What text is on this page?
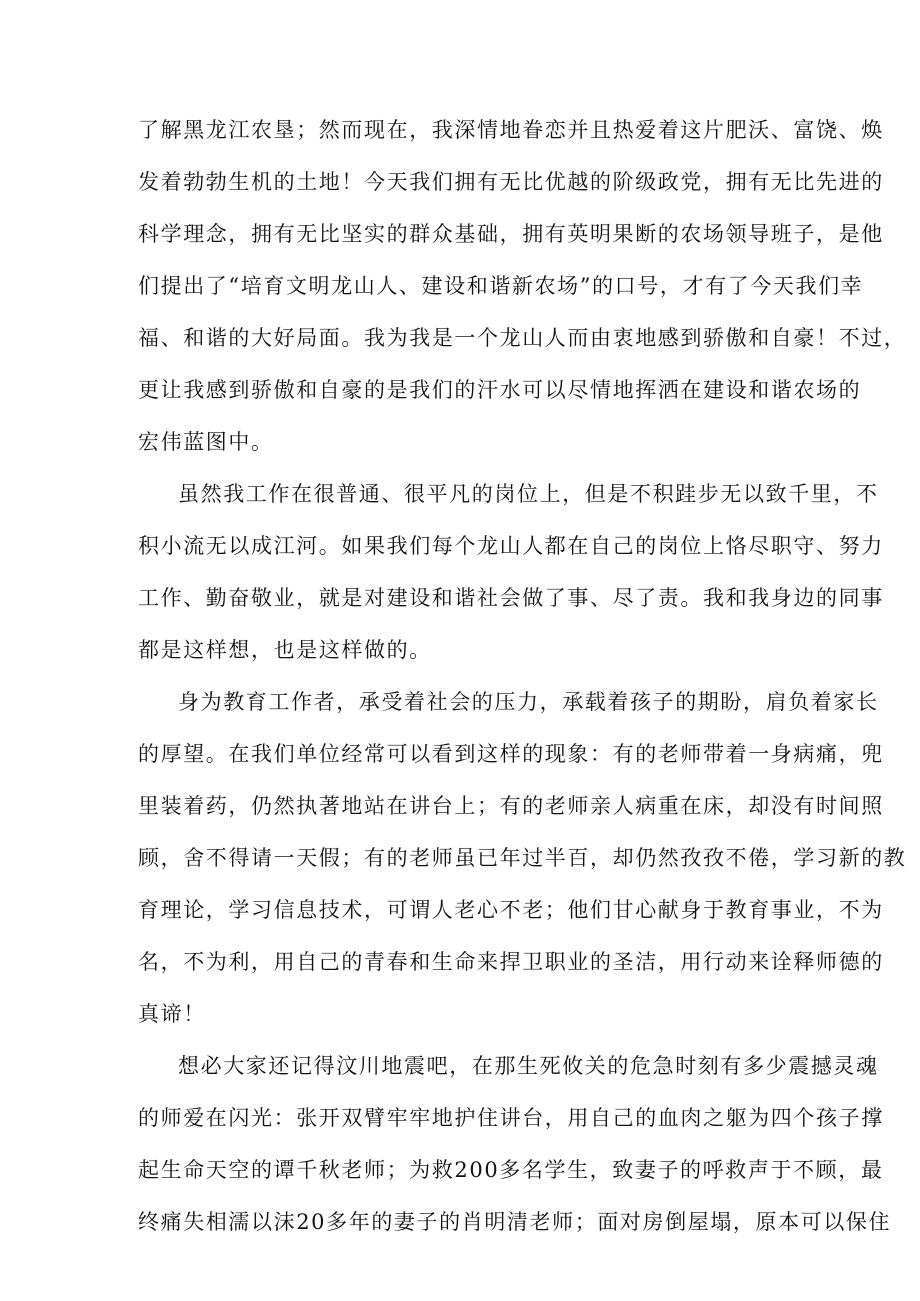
了解黑龙江农垦；然而现在，我深情地眷恋并且热爱着这片肥沃、富饶、焕
发着勃勃生机的土地！今天我们拥有无比优越的阶级政党，拥有无比先进的
科学理念，拥有无比坚实的群众基础，拥有英明果断的农场领导班子，是他
们提出了“培育文明龙山人、建设和谐新农场”的口号，才有了今天我们幸
福、和谐的大好局面。我为我是一个龙山人而由衷地感到骄傲和自豪！不过，
更让我感到骄傲和自豪的是我们的汗水可以尽情地挥洒在建设和谐农场的
宏伟蓝图中。
虽然我工作在很普通、很平凡的岗位上，但是不积跬步无以致千里，不
积小流无以成江河。如果我们每个龙山人都在自己的岗位上恪尽职守、努力
工作、勤奋敬业，就是对建设和谐社会做了事、尽了责。我和我身边的同事
都是这样想，也是这样做的。
身为教育工作者，承受着社会的压力，承载着孩子的期盼，肩负着家长
的厚望。在我们单位经常可以看到这样的现象：有的老师带着一身病痛，兜
里装着药，仍然执著地站在讲台上；有的老师亲人病重在床，却没有时间照
顾，舍不得请一天假；有的老师虽已年过半百，却仍然孜孜不倦，学习新的教
育理论，学习信息技术，可谓人老心不老；他们甘心献身于教育事业，不为
名，不为利，用自己的青春和生命来捍卫职业的圣洁，用行动来诠释师德的
真谛！
想必大家还记得汶川地震吧，在那生死攸关的危急时刻有多少震撼灵魂
的师爱在闪光：张开双臂牢牢地护住讲台，用自己的血肉之躯为四个孩子撑
起生命天空的谭千秋老师；为救200多名学生，致妻子的呼救声于不顾，最
终痛失相濡以沫20多年的妻子的肖明清老师；面对房倒屋塌，原本可以保住
